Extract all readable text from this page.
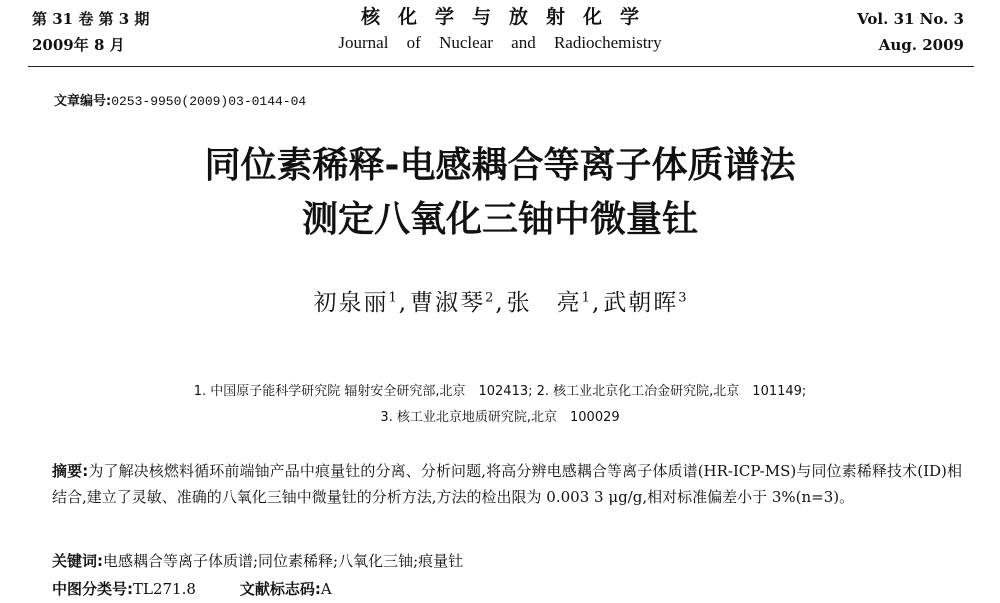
第 31 卷 第 3 期
2009年 8 月
核化学与放射化学
Journal of Nuclear and Radiochemistry
Vol. 31 No. 3
Aug. 2009
文章编号:0253-9950(2009)03-0144-04
同位素稀释-电感耦合等离子体质谱法
测定八氧化三铀中微量钍
初泉丽$^1$,曹淑琴$^2$,张　亮$^1$,武朝晖$^3$
1. 中国原子能科学研究院 辐射安全研究部,北京　102413; 2. 核工业北京化工冶金研究院,北京　101149;
3. 核工业北京地质研究院,北京　100029
摘要:为了解决核燃料循环前端铀产品中痕量钍的分离、分析问题,将高分辨电感耦合等离子体质谱(HR-ICP-MS)与同位素稀释技术(ID)相结合,建立了灵敏、准确的八氧化三铀中微量钍的分析方法,方法的检出限为 0.003 3 μg/g,相对标准偏差小于 3%(n=3)。
关键词:电感耦合等离子体质谱;同位素稀释;八氧化三铀;痕量钍
中图分类号:TL271.8	文献标志码:A
